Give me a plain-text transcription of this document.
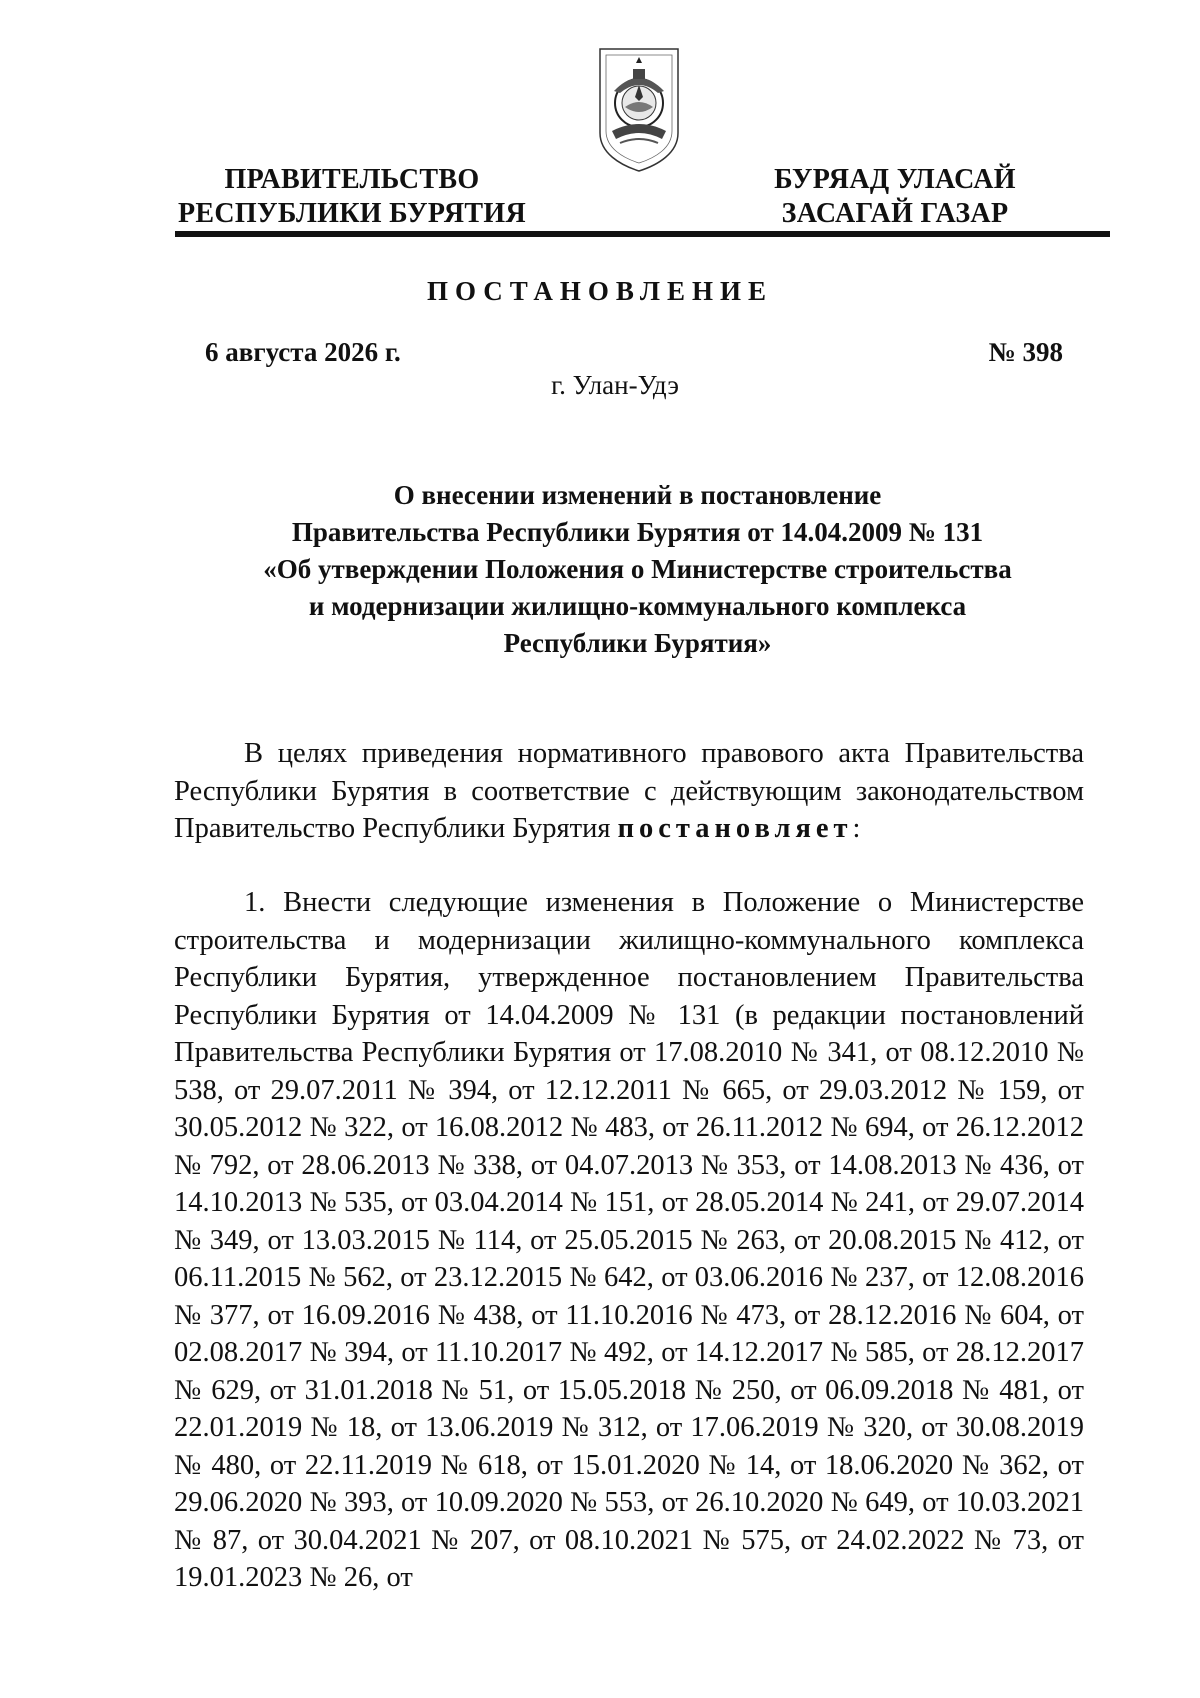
ПРАВИТЕЛЬСТВО
РЕСПУБЛИКИ БУРЯТИЯ
БУРЯАД УЛАСАЙ
ЗАСАГАЙ ГАЗАР
ПОСТАНОВЛЕНИЕ
6 августа 2026 г.	№ 398
г. Улан-Удэ
О внесении изменений в постановление
Правительства Республики Бурятия от 14.04.2009 № 131
«Об утверждении Положения о Министерстве строительства
и модернизации жилищно-коммунального комплекса
Республики Бурятия»
В целях приведения нормативного правового акта Правительства Республики Бурятия в соответствие с действующим законодательством Правительство Республики Бурятия постановляет:
1. Внести следующие изменения в Положение о Министерстве строительства и модернизации жилищно-коммунального комплекса Республики Бурятия, утвержденное постановлением Правительства Республики Бурятия от 14.04.2009 № 131 (в редакции постановлений Правительства Республики Бурятия от 17.08.2010 № 341, от 08.12.2010 № 538, от 29.07.2011 № 394, от 12.12.2011 № 665, от 29.03.2012 № 159, от 30.05.2012 № 322, от 16.08.2012 № 483, от 26.11.2012 № 694, от 26.12.2012 № 792, от 28.06.2013 № 338, от 04.07.2013 № 353, от 14.08.2013 № 436, от 14.10.2013 № 535, от 03.04.2014 № 151, от 28.05.2014 № 241, от 29.07.2014 № 349, от 13.03.2015 № 114, от 25.05.2015 № 263, от 20.08.2015 № 412, от 06.11.2015 № 562, от 23.12.2015 № 642, от 03.06.2016 № 237, от 12.08.2016 № 377, от 16.09.2016 № 438, от 11.10.2016 № 473, от 28.12.2016 № 604, от 02.08.2017 № 394, от 11.10.2017 № 492, от 14.12.2017 № 585, от 28.12.2017 № 629, от 31.01.2018 № 51, от 15.05.2018 № 250, от 06.09.2018 № 481, от 22.01.2019 № 18, от 13.06.2019 № 312, от 17.06.2019 № 320, от 30.08.2019 № 480, от 22.11.2019 № 618, от 15.01.2020 № 14, от 18.06.2020 № 362, от 29.06.2020 № 393, от 10.09.2020 № 553, от 26.10.2020 № 649, от 10.03.2021 № 87, от 30.04.2021 № 207, от 08.10.2021 № 575, от 24.02.2022 № 73, от 19.01.2023 № 26, от
